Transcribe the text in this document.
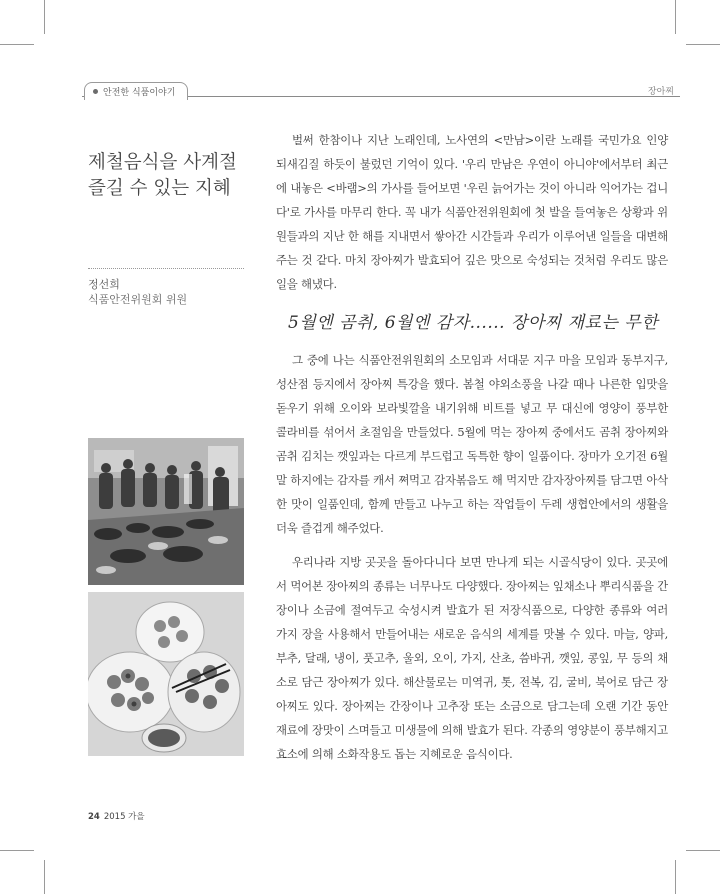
안전한 식품이야기	장아찌
제철음식을 사계절
즐길 수 있는 지혜
정선희
식품안전위원회 위원

벌써 한참이나 지난 노래인데, 노사연의 <만남>이란 노래를 국민가요 인양 되새김질 하듯이 불렀던 기억이 있다. '우리 만남은 우연이 아니야'에서부터 최근에 내놓은 <바램>의 가사를 들어보면 '우린 늙어가는 것이 아니라 익어가는 겁니다'로 가사를 마무리 한다. 꼭 내가 식품안전위원회에 첫 발을 들여놓은 상황과 위원들과의 지난 한 해를 지내면서 쌓아간 시간들과 우리가 이루어낸 일들을 대변해주는 것 같다. 마치 장아찌가 발효되어 깊은 맛으로 숙성되는 것처럼 우리도 많은 일을 해냈다.

5월엔 곰취, 6월엔 감자...... 장아찌 재료는 무한

그 중에 나는 식품안전위원회의 소모임과 서대문 지구 마을 모임과 동부지구, 성산점 등지에서 장아찌 특강을 했다. 봄철 야외소풍을 나갈 때나 나른한 입맛을 돋우기 위해 오이와 보라빛깔을 내기위해 비트를 넣고 무 대신에 영양이 풍부한 콜라비를 섞어서 초절임을 만들었다. 5월에 먹는 장아찌 중에서도 곰취 장아찌와 곰취 김치는 깻잎과는 다르게 부드럽고 독특한 향이 일품이다. 장마가 오기전 6월 말 하지에는 감자를 캐서 쪄먹고 감자볶음도 해 먹지만 감자장아찌를 담그면 아삭한 맛이 일품인데, 함께 만들고 나누고 하는 작업들이 두레 생협안에서의 생활을 더욱 즐겁게 해주었다.

우리나라 지방 곳곳을 돌아다니다 보면 만나게 되는 시골식당이 있다. 곳곳에서 먹어본 장아찌의 종류는 너무나도 다양했다. 장아찌는 잎채소나 뿌리식품을 간장이나 소금에 절여두고 숙성시켜 발효가 된 저장식품으로, 다양한 종류와 여러 가지 장을 사용해서 만들어내는 새로운 음식의 세계를 맛볼 수 있다. 마늘, 양파, 부추, 달래, 냉이, 풋고추, 울외, 오이, 가지, 산초, 씀바귀, 깻잎, 콩잎, 무 등의 채소로 담근 장아찌가 있다. 해산물로는 미역귀, 톳, 전복, 김, 굴비, 북어로 담근 장아찌도 있다. 장아찌는 간장이나 고추장 또는 소금으로 담그는데 오랜 기간 동안 재료에 장맛이 스며들고 미생물에 의해 발효가 된다. 각종의 영양분이 풍부해지고 효소에 의해 소화작용도 돕는 지혜로운 음식이다.

24 2015 가을
